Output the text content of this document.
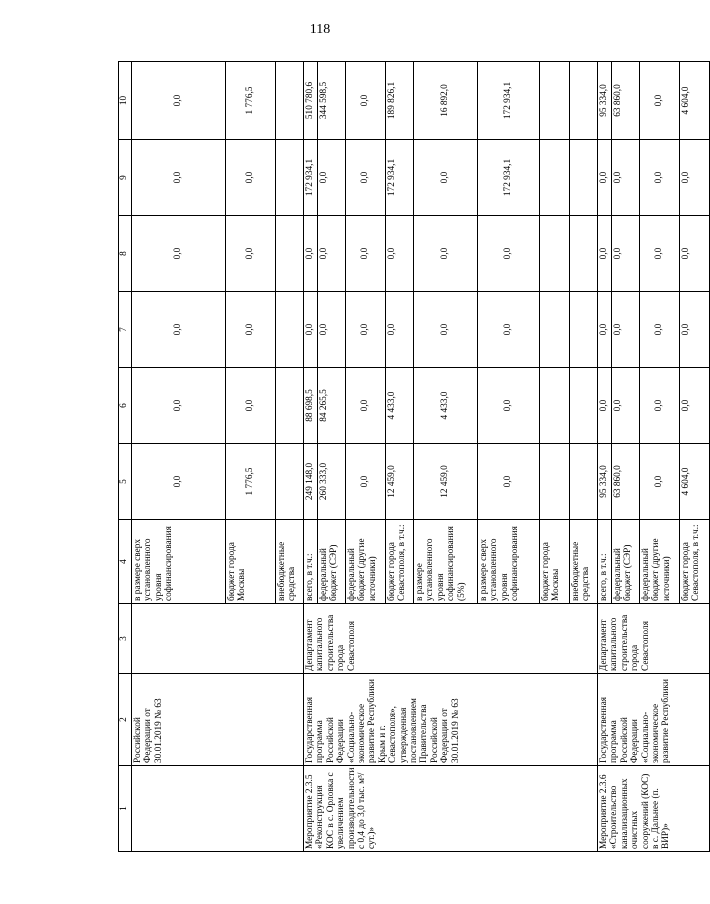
118
1	2	3	4	5	6	7	8	9	10
	Российской Федерации от 30.01.2019 № 63		в размере сверх установленного уровня софинансирования	0,0	0,0	0,0	0,0	0,0	0,0
			бюджет города Москвы	1 776,5	0,0	0,0	0,0	0,0	1 776,5
			внебюджетные средства						
Мероприятие 2.3.5 «Реконструкция КОС в с. Орловка с увеличением производительности с 0,4 до 3,0 тыс. м³/сут.)»	Государственная программа Российской Федерации «Социально-экономическое развитие Республики Крым и г. Севастополя», утвержденная постановлением Правительства Российской Федерации от 30.01.2019 № 63	Департамент капитального строительства города Севастополя	всего, в т.ч.:	249 148,0	88 698,5	0,0	0,0	172 934,1	510 780,6
			федеральный бюджет (СЭР)	260 333,0	84 265,5	0,0	0,0	0,0	344 598,5
			федеральный бюджет (другие источники)	0,0	0,0	0,0	0,0	0,0	0,0
			бюджет города Севастополя, в т.ч.:	12 459,0	4 433,0	0,0	0,0	172 934,1	189 826,1
			в размере установленного уровня софинансирования (5%)	12 459,0	4 433,0	0,0	0,0	0,0	16 892,0
			в размере сверх установленного уровня софинансирования	0,0	0,0	0,0	0,0	172 934,1	172 934,1
			бюджет города Москвы						
			внебюджетные средства						
Мероприятие 2.3.6 «Строительство канализационных очистных сооружений (КОС) в с. Дальнее (п. ВИР)»	Государственная программа Российской Федерации «Социально-экономическое развитие Республики	Департамент капитального строительства города Севастополя	всего, в т.ч.:	95 334,0	0,0	0,0	0,0	0,0	95 334,0
			федеральный бюджет (СЭР)	63 860,0	0,0	0,0	0,0	0,0	63 860,0
			федеральный бюджет (другие источники)	0,0	0,0	0,0	0,0	0,0	0,0
			бюджет города Севастополя, в т.ч.:	4 604,0	0,0	0,0	0,0	0,0	4 604,0
